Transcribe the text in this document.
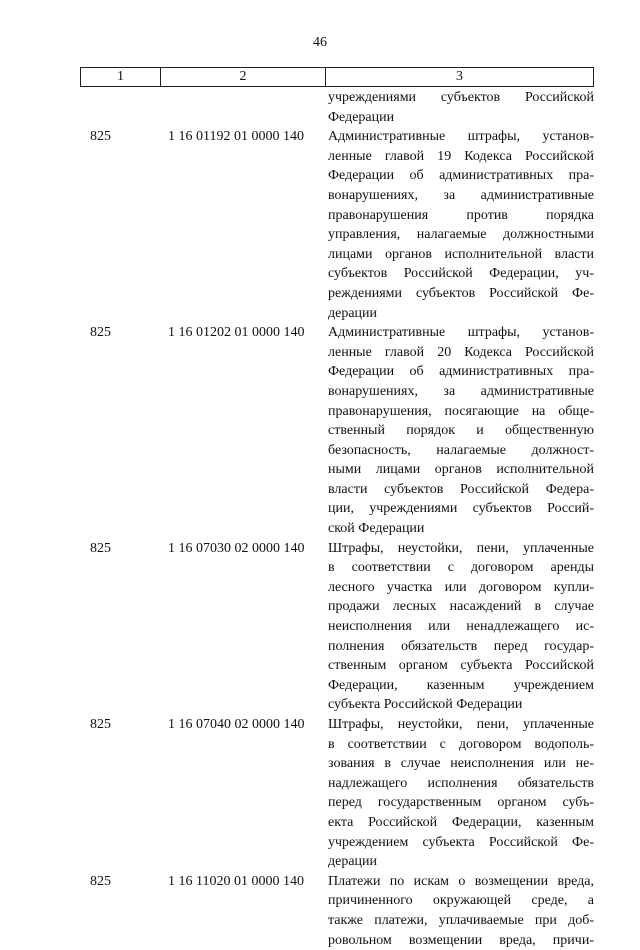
46
1	2	3
учреждениями субъектов Российской
Федерации
825	1 16 01192 01 0000 140	Административные штрафы, установ-
ленные главой 19 Кодекса Российской
Федерации об административных пра-
вонарушениях, за административные
правонарушения против порядка
управления, налагаемые должностными
лицами органов исполнительной власти
субъектов Российской Федерации, уч-
реждениями субъектов Российской Фе-
дерации
825	1 16 01202 01 0000 140	Административные штрафы, установ-
ленные главой 20 Кодекса Российской
Федерации об административных пра-
вонарушениях, за административные
правонарушения, посягающие на обще-
ственный порядок и общественную
безопасность, налагаемые должност-
ными лицами органов исполнительной
власти субъектов Российской Федера-
ции, учреждениями субъектов Россий-
ской Федерации
825	1 16 07030 02 0000 140	Штрафы, неустойки, пени, уплаченные
в соответствии с договором аренды
лесного участка или договором купли-
продажи лесных насаждений в случае
неисполнения или ненадлежащего ис-
полнения обязательств перед государ-
ственным органом субъекта Российской
Федерации, казенным учреждением
субъекта Российской Федерации
825	1 16 07040 02 0000 140	Штрафы, неустойки, пени, уплаченные
в соответствии с договором водополь-
зования в случае неисполнения или не-
надлежащего исполнения обязательств
перед государственным органом субъ-
екта Российской Федерации, казенным
учреждением субъекта Российской Фе-
дерации
825	1 16 11020 01 0000 140	Платежи по искам о возмещении вреда,
причиненного окружающей среде, а
также платежи, уплачиваемые при доб-
ровольном возмещении вреда, причи-
